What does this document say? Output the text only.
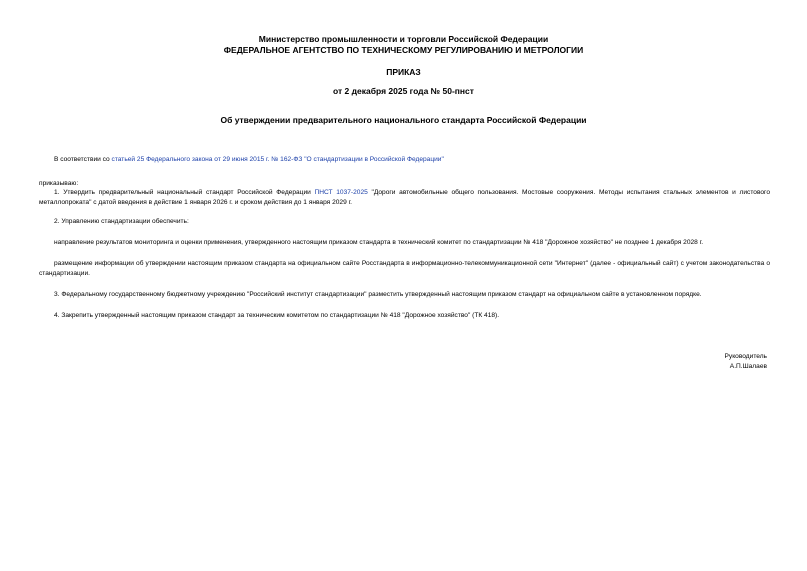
Министерство промышленности и торговли Российской Федерации
ФЕДЕРАЛЬНОЕ АГЕНТСТВО ПО ТЕХНИЧЕСКОМУ РЕГУЛИРОВАНИЮ И МЕТРОЛОГИИ
ПРИКАЗ
от 2 декабря 2025 года № 50-пнст
Об утверждении предварительного национального стандарта Российской Федерации
В соответствии со статьей 25 Федерального закона от 29 июня 2015 г. № 162-ФЗ "О стандартизации в Российской Федерации"
приказываю:
1. Утвердить предварительный национальный стандарт Российской Федерации ПНСТ 1037-2025 "Дороги автомобильные общего пользования. Мостовые сооружения. Методы испытания стальных элементов и листового металлопроката" с датой введения в действие 1 января 2026 г. и сроком действия до 1 января 2029 г.
2. Управлению стандартизации обеспечить:
направление результатов мониторинга и оценки применения, утвержденного настоящим приказом стандарта в технический комитет по стандартизации № 418 "Дорожное хозяйство" не позднее 1 декабря 2028 г.
размещение информации об утверждении настоящим приказом стандарта на официальном сайте Росстандарта в информационно-телекоммуникационной сети "Интернет" (далее - официальный сайт) с учетом законодательства о стандартизации.
3. Федеральному государственному бюджетному учреждению "Российский институт стандартизации" разместить утвержденный настоящим приказом стандарт на официальном сайте в установленном порядке.
4. Закрепить утвержденный настоящим приказом стандарт за техническим комитетом по стандартизации № 418 "Дорожное хозяйство" (ТК 418).
Руководитель
А.П.Шалаев
